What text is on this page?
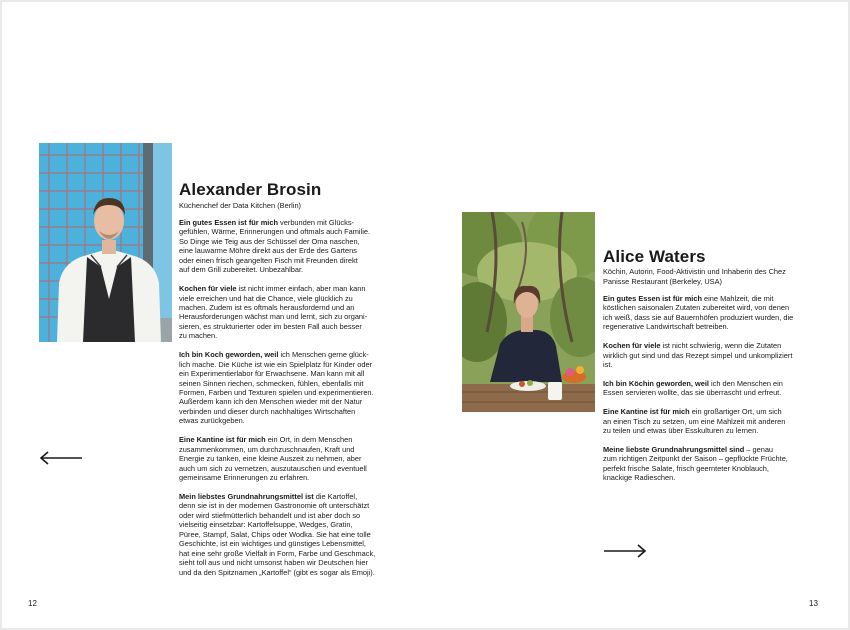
Alexander Brosin
Küchenchef der Data Kitchen (Berlin)

Ein gutes Essen ist für mich verbunden mit Glücks-
gefühlen, Wärme, Erinnerungen und oftmals auch Familie.
So Dinge wie Teig aus der Schüssel der Oma naschen,
eine lauwarme Möhre direkt aus der Erde des Gartens
oder einen frisch geangelten Fisch mit Freunden direkt
auf dem Grill zubereitet. Unbezahlbar.

Kochen für viele ist nicht immer einfach, aber man kann
viele erreichen und hat die Chance, viele glücklich zu
machen. Zudem ist es oftmals herausfordernd und an
Herausforderungen wächst man und lernt, sich zu organi-
sieren, es strukturierter oder im besten Fall auch besser
zu machen.

Ich bin Koch geworden, weil ich Menschen gerne glück-
lich mache. Die Küche ist wie ein Spielplatz für Kinder oder
ein Experimentierlabor für Erwachsene. Man kann mit all
seinen Sinnen riechen, schmecken, fühlen, ebenfalls mit
Formen, Farben und Texturen spielen und experimentieren.
Außerdem kann ich den Menschen wieder mit der Natur
verbinden und dieser durch nachhaltiges Wirtschaften
etwas zurückgeben.

Eine Kantine ist für mich ein Ort, in dem Menschen
zusammenkommen, um durchzuschnaufen, Kraft und
Energie zu tanken, eine kleine Auszeit zu nehmen, aber
auch um sich zu vernetzen, auszutauschen und eventuell
gemeinsame Erinnerungen zu erfahren.

Mein liebstes Grundnahrungsmittel ist die Kartoffel,
denn sie ist in der modernen Gastronomie oft unterschätzt
oder wird stiefmütterlich behandelt und ist aber doch so
vielseitig einsetzbar: Kartoffelsuppe, Wedges, Gratin,
Püree, Stampf, Salat, Chips oder Wodka. Sie hat eine tolle
Geschichte, ist ein wichtiges und günstiges Lebensmittel,
hat eine sehr große Vielfalt in Form, Farbe und Geschmack,
sieht toll aus und nicht umsonst haben wir Deutschen hier
und da den Spitznamen „Kartoffel“ (gibt es sogar als Emoji).

12
Alice Waters
Köchin, Autorin, Food-Aktivistin und Inhaberin des Chez
Panisse Restaurant (Berkeley, USA)

Ein gutes Essen ist für mich eine Mahlzeit, die mit
köstlichen saisonalen Zutaten zubereitet wird, von denen
ich weiß, dass sie auf Bauernhöfen produziert wurden, die
regenerative Landwirtschaft betreiben.

Kochen für viele ist nicht schwierig, wenn die Zutaten
wirklich gut sind und das Rezept simpel und unkompliziert
ist.

Ich bin Köchin geworden, weil ich den Menschen ein
Essen servieren wollte, das sie überrascht und erfreut.

Eine Kantine ist für mich ein großartiger Ort, um sich
an einen Tisch zu setzen, um eine Mahlzeit mit anderen
zu teilen und etwas über Esskulturen zu lernen.

Meine liebste Grundnahrungsmittel sind – genau
zum richtigen Zeitpunkt der Saison – gepflückte Früchte,
perfekt frische Salate, frisch geernteter Knoblauch,
knackige Radieschen.

13
